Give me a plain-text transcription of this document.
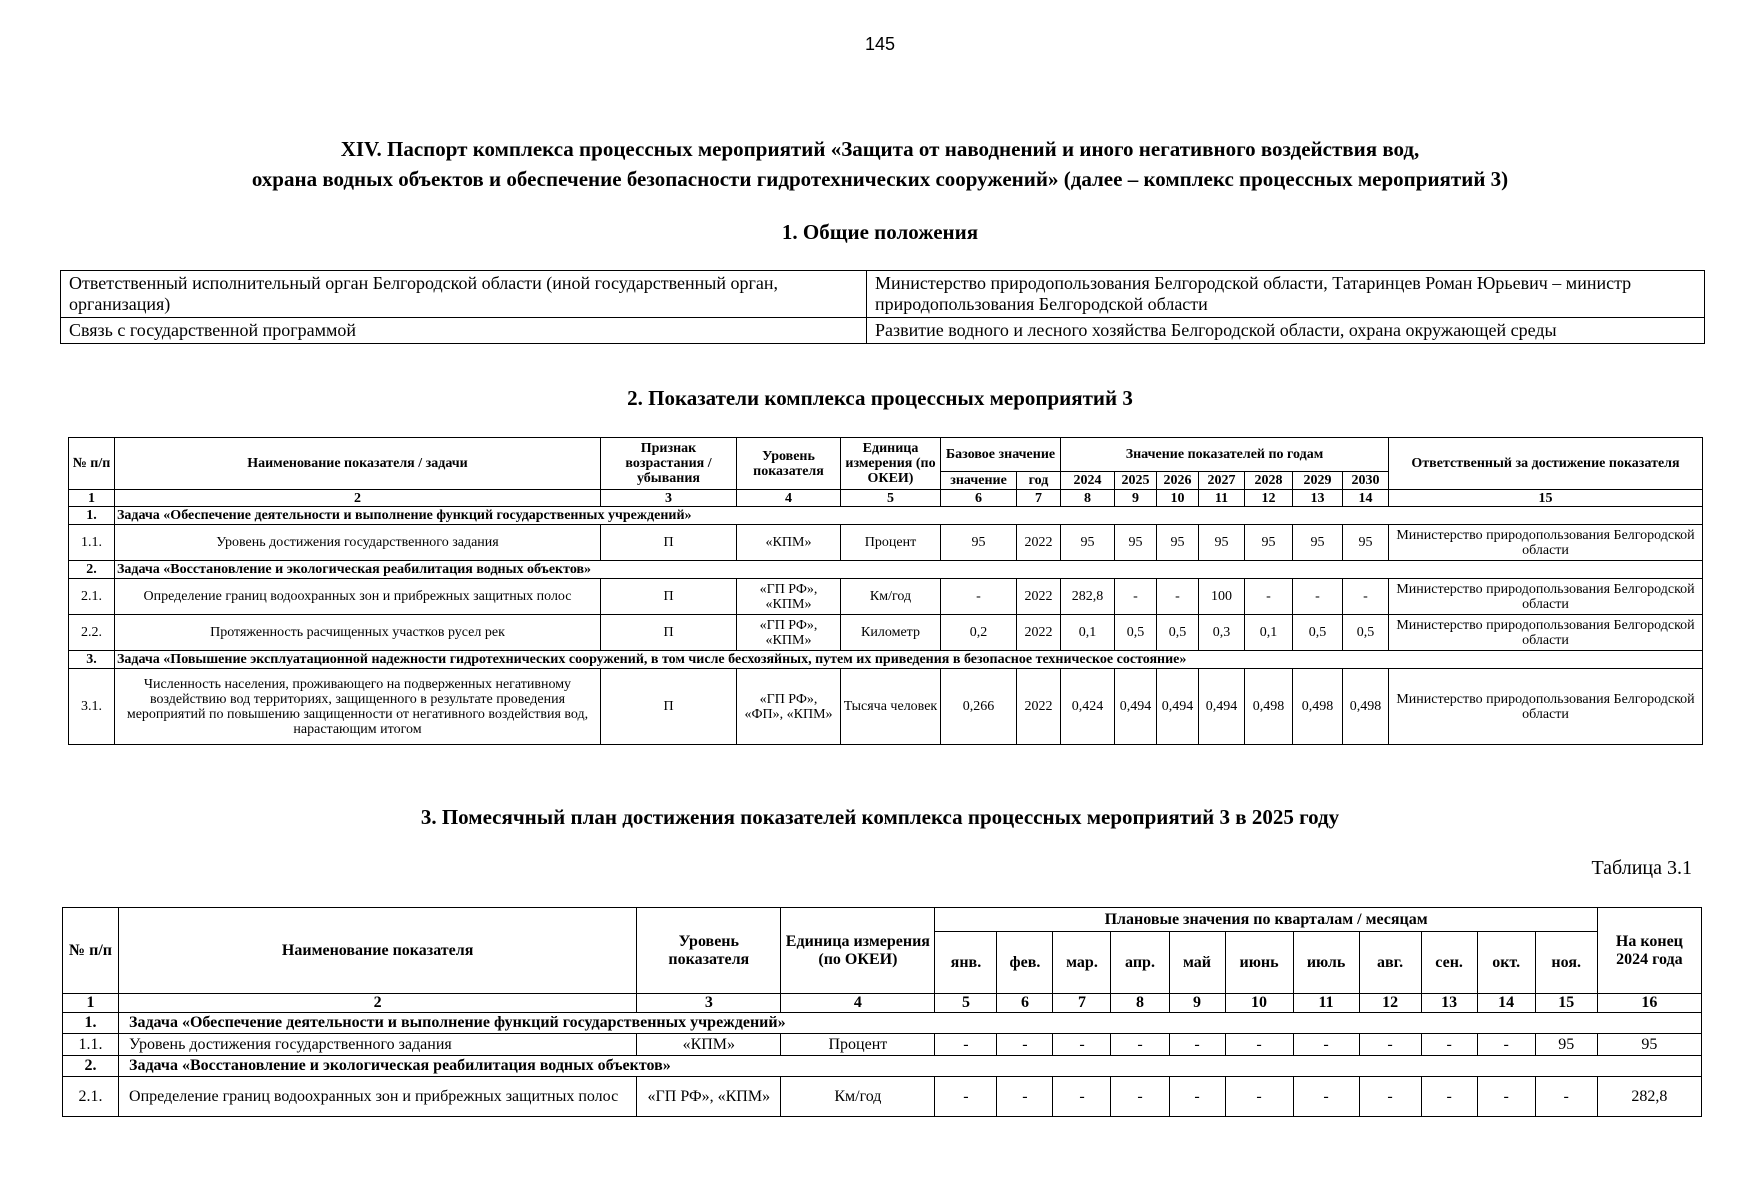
145
XIV. Паспорт комплекса процессных мероприятий «Защита от наводнений и иного негативного воздействия вод,
охрана водных объектов и обеспечение безопасности гидротехнических сооружений» (далее – комплекс процессных мероприятий 3)
1. Общие положения
Ответственный исполнительный орган Белгородской области (иной государственный орган, организация)	Министерство природопользования Белгородской области, Татаринцев Роман Юрьевич – министр природопользования Белгородской области
Связь с государственной программой	Развитие водного и лесного хозяйства Белгородской области, охрана окружающей среды
2. Показатели комплекса процессных мероприятий 3
№ п/п	Наименование показателя / задачи	Признак возрастания / убывания	Уровень показателя	Единица измерения (по ОКЕИ)	Базовое значение		Значение показателей по годам							Ответственный за достижение показателя
					значение	год	2024	2025	2026	2027	2028	2029	2030	
1	2	3	4	5	6	7	8	9	10	11	12	13	14	15
1.	Задача «Обеспечение деятельности и выполнение функций государственных учреждений»													
1.1.	Уровень достижения государственного задания	П	«КПМ»	Процент	95	2022	95	95	95	95	95	95	95	Министерство природопользования Белгородской области
2.	Задача «Восстановление и экологическая реабилитация водных объектов»													
2.1.	Определение границ водоохранных зон и прибрежных защитных полос	П	«ГП РФ», «КПМ»	Км/год	-	2022	282,8	-	-	100	-	-	-	Министерство природопользования Белгородской области
2.2.	Протяженность расчищенных участков русел рек	П	«ГП РФ», «КПМ»	Километр	0,2	2022	0,1	0,5	0,5	0,3	0,1	0,5	0,5	Министерство природопользования Белгородской области
3.	Задача «Повышение эксплуатационной надежности гидротехнических сооружений, в том числе бесхозяйных, путем их приведения в безопасное техническое состояние»													
3.1.	Численность населения, проживающего на подверженных негативному воздействию вод территориях, защищенного в результате проведения мероприятий по повышению защищенности от негативного воздействия вод, нарастающим итогом	П	«ГП РФ», «ФП», «КПМ»	Тысяча человек	0,266	2022	0,424	0,494	0,494	0,494	0,498	0,498	0,498	Министерство природопользования Белгородской области
3. Помесячный план достижения показателей комплекса процессных мероприятий 3 в 2025 году
Таблица 3.1
№ п/п	Наименование показателя	Уровень показателя	Единица измерения (по ОКЕИ)	Плановые значения по кварталам / месяцам											На конец 2024 года
				янв.	фев.	мар.	апр.	май	июнь	июль	авг.	сен.	окт.	ноя.	
1	2	3	4	5	6	7	8	9	10	11	12	13	14	15	16
1.	Задача «Обеспечение деятельности и выполнение функций государственных учреждений»														
1.1.	Уровень достижения государственного задания	«КПМ»	Процент	-	-	-	-	-	-	-	-	-	-	95	95
2.	Задача «Восстановление и экологическая реабилитация водных объектов»														
2.1.	Определение границ водоохранных зон и прибрежных защитных полос	«ГП РФ», «КПМ»	Км/год	-	-	-	-	-	-	-	-	-	-	-	282,8
